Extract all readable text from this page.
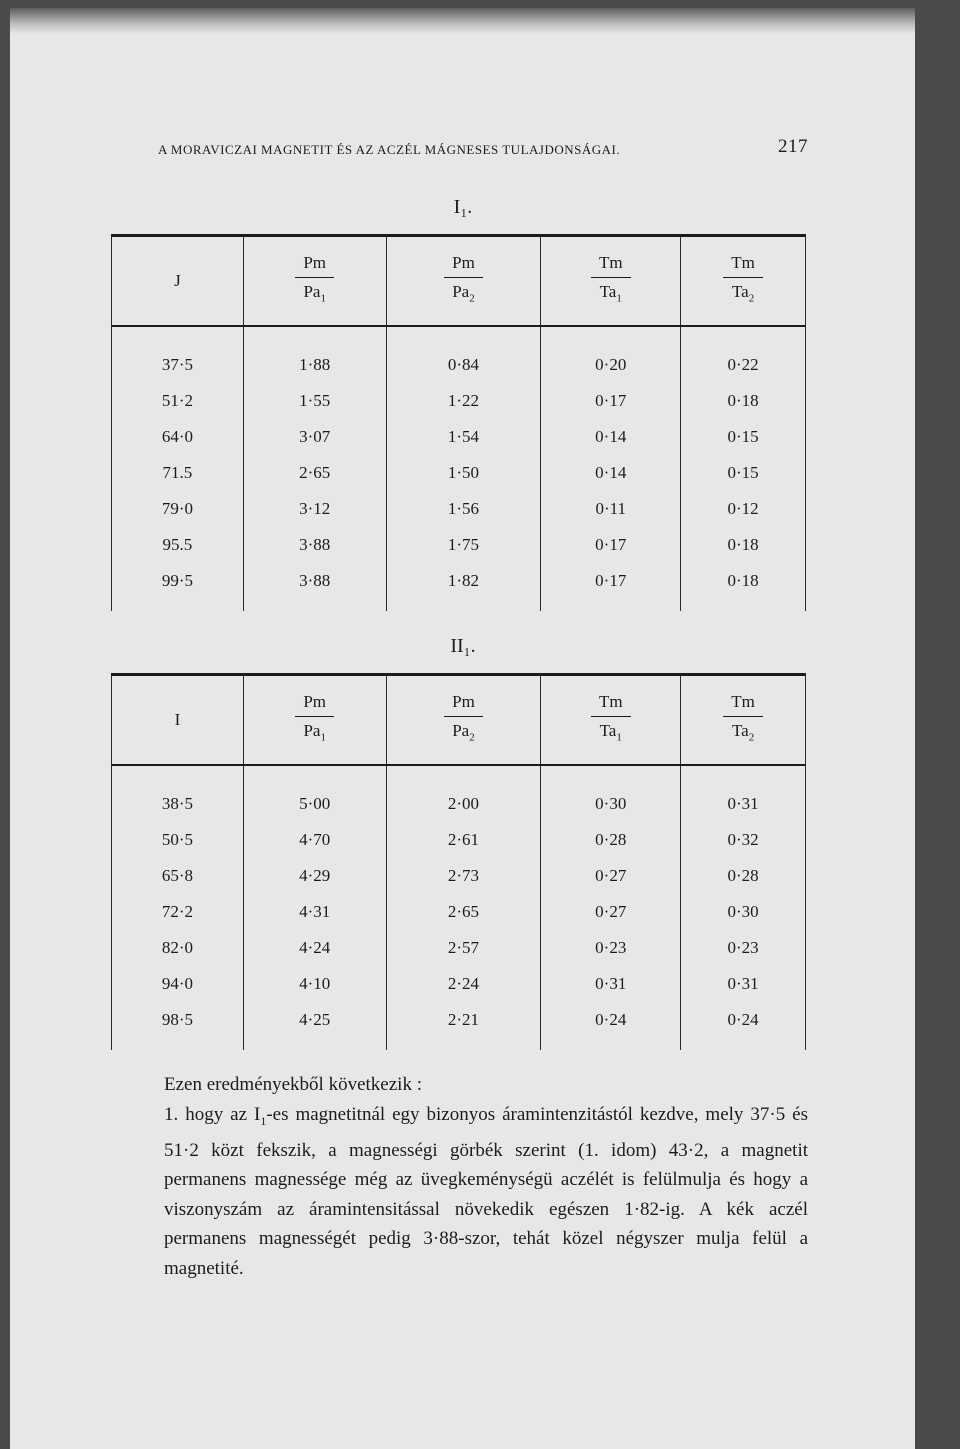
A MORAVICZAI MAGNETIT ÉS AZ ACZÉL MÁGNESES TULAJDONSÁGAI.	217
I₁.
J	$\frac{Pm}{Pa_1}$	$\frac{Pm}{Pa_2}$	$\frac{Tm}{Ta_1}$	$\frac{Tm}{Ta_2}$

37·5	1·88	0·84	0·20	0·22
51·2	1·55	1·22	0·17	0·18
64·0	3·07	1·54	0·14	0·15
71.5	2·65	1·50	0·14	0·15
79·0	3·12	1·56	0·11	0·12
95.5	3·88	1·75	0·17	0·18
99·5	3·88	1·82	0·17	0·18
II₁.
I	$\frac{Pm}{Pa_1}$	$\frac{Pm}{Pa_2}$	$\frac{Tm}{Ta_1}$	$\frac{Tm}{Ta_2}$

38·5	5·00	2·00	0·30	0·31
50·5	4·70	2·61	0·28	0·32
65·8	4·29	2·73	0·27	0·28
72·2	4·31	2·65	0·27	0·30
82·0	4·24	2·57	0·23	0·23
94·0	4·10	2·24	0·31	0·31
98·5	4·25	2·21	0·24	0·24

Ezen eredményekből következik :

1. hogy az $I_1-es$ magnetitnál egy bizonyos áramintenzitástól kezdve, mely 37·5 és 51·2 közt fekszik, a magnességi görbék szerint (1. idom) 43·2, a magnetit permanens magnessége még az üvegkeménységü aczélét is felülmulja és hogy a viszonyszám az áramintensitással növekedik egészen 1·82-ig. A kék aczél permanens magnességét pedig 3·88-szor, tehát közel négyszer mulja felül a magnetité.
